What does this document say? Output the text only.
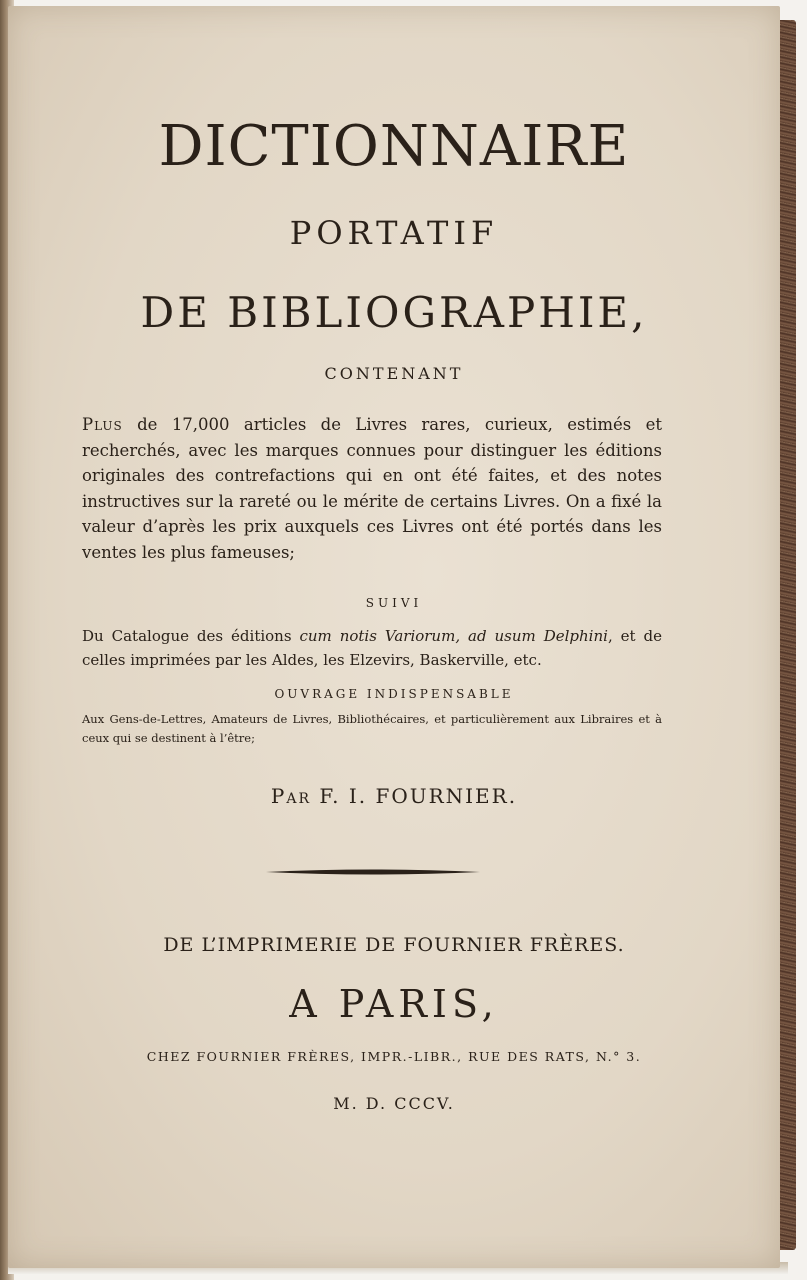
DICTIONNAIRE
PORTATIF
DE BIBLIOGRAPHIE,
CONTENANT
Plus de 17,000 articles de Livres rares, curieux, estimés et recherchés, avec les marques connues pour distinguer les éditions originales des contrefactions qui en ont été faites, et des notes instructives sur la rareté ou le mérite de certains Livres. On a fixé la valeur d’après les prix auxquels ces Livres ont été portés dans les ventes les plus fameuses;
SUIVI
Du Catalogue des éditions cum notis Variorum, ad usum Delphini, et de celles imprimées par les Aldes, les Elzevirs, Baskerville, etc.
OUVRAGE INDISPENSABLE
Aux Gens-de-Lettres, Amateurs de Livres, Bibliothécaires, et particulièrement aux Libraires et à ceux qui se destinent à l’être;
Par F. I. FOURNIER.
DE L’IMPRIMERIE DE FOURNIER FRÈRES.
A PARIS,
CHEZ FOURNIER FRÈRES, IMPR.-LIBR., RUE DES RATS, N.° 3.
M. D. CCCV.
